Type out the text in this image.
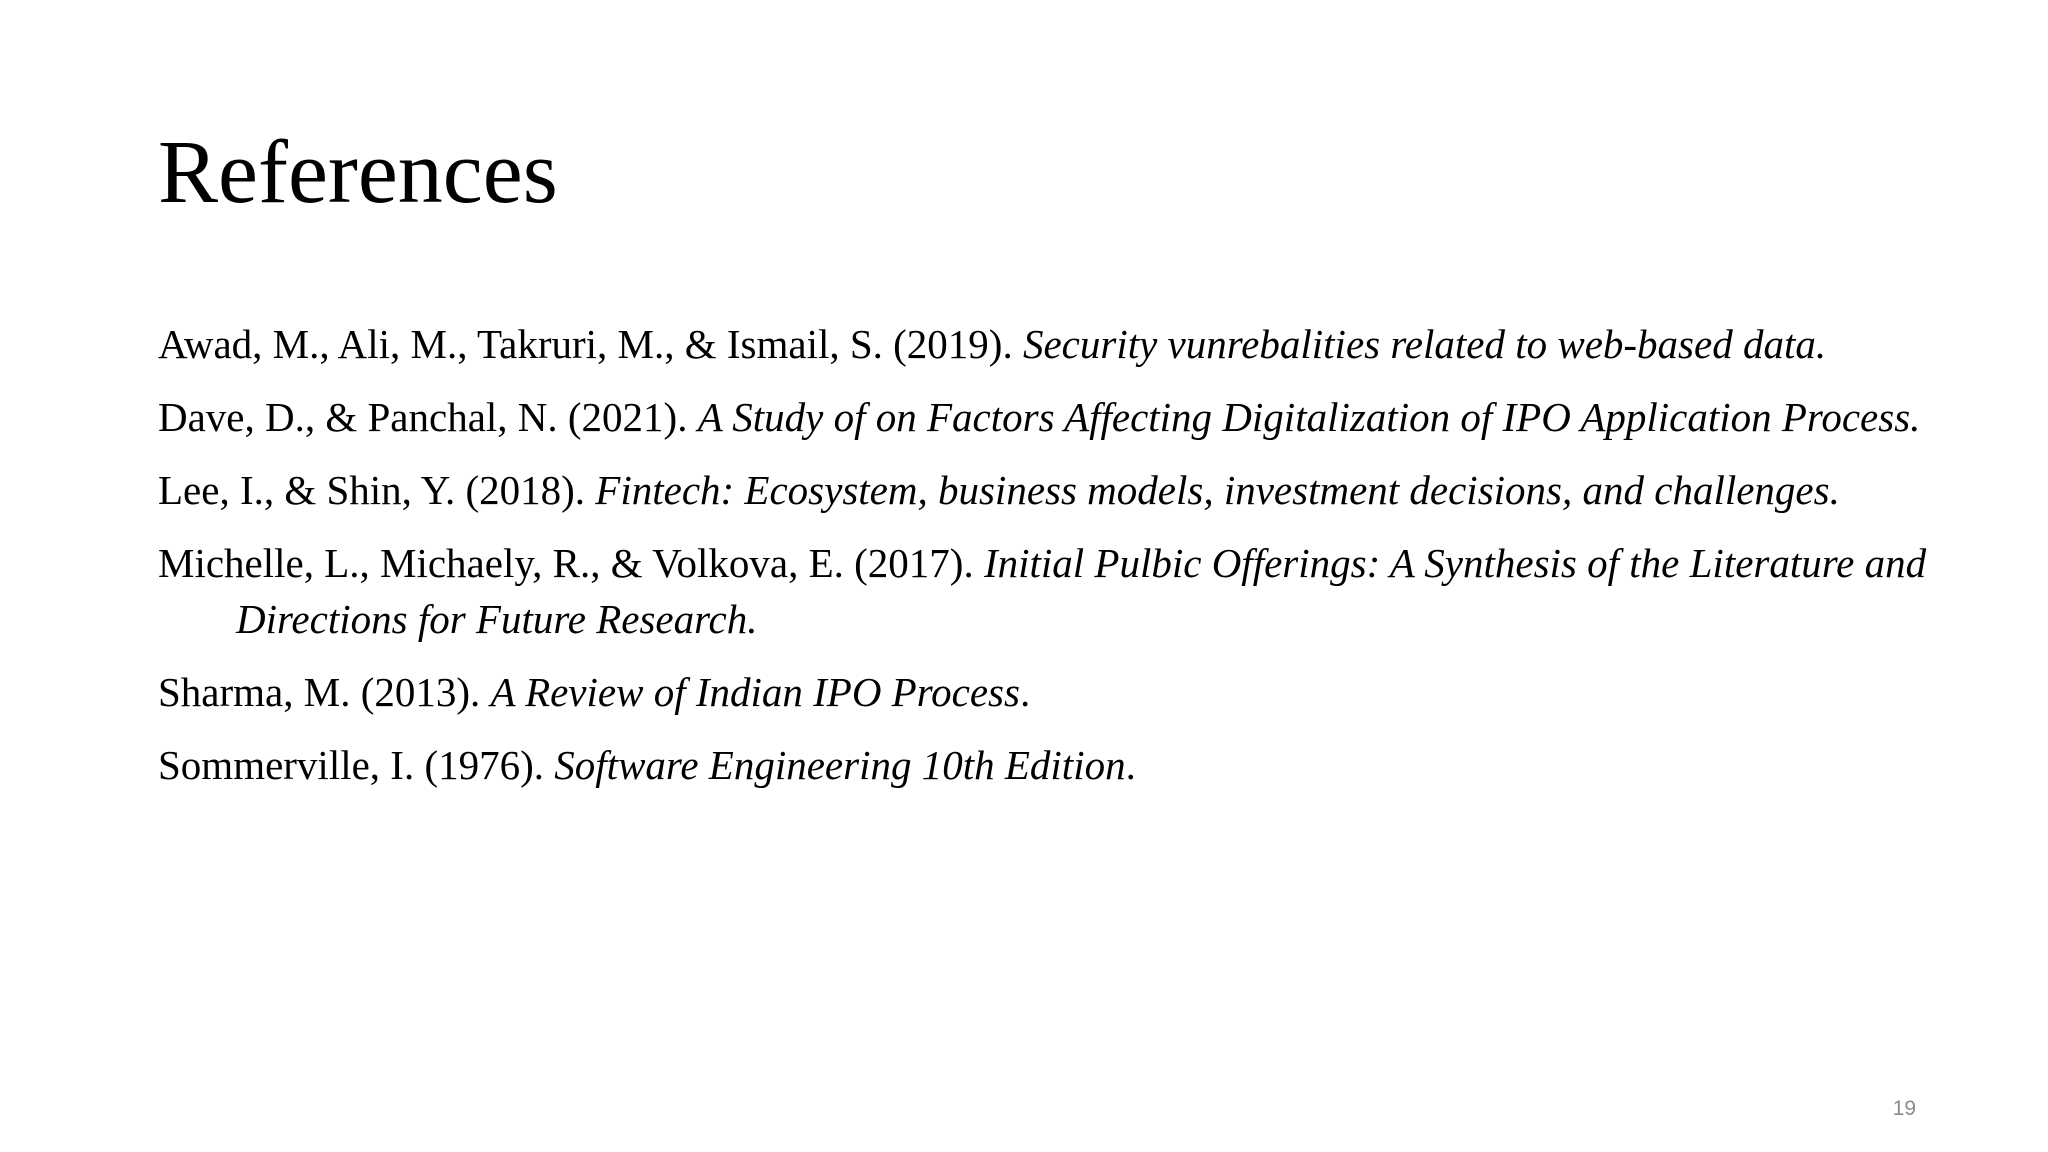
References
Awad, M., Ali, M., Takruri, M., & Ismail, S. (2019). Security vunrebalities related to web-based data.
Dave, D., & Panchal, N. (2021). A Study of on Factors Affecting Digitalization of IPO Application Process.
Lee, I., & Shin, Y. (2018). Fintech: Ecosystem, business models, investment decisions, and challenges.
Michelle, L., Michaely, R., & Volkova, E. (2017). Initial Pulbic Offerings: A Synthesis of the Literature and Directions for Future Research.
Sharma, M. (2013). A Review of Indian IPO Process.
Sommerville, I. (1976). Software Engineering 10th Edition.
19
